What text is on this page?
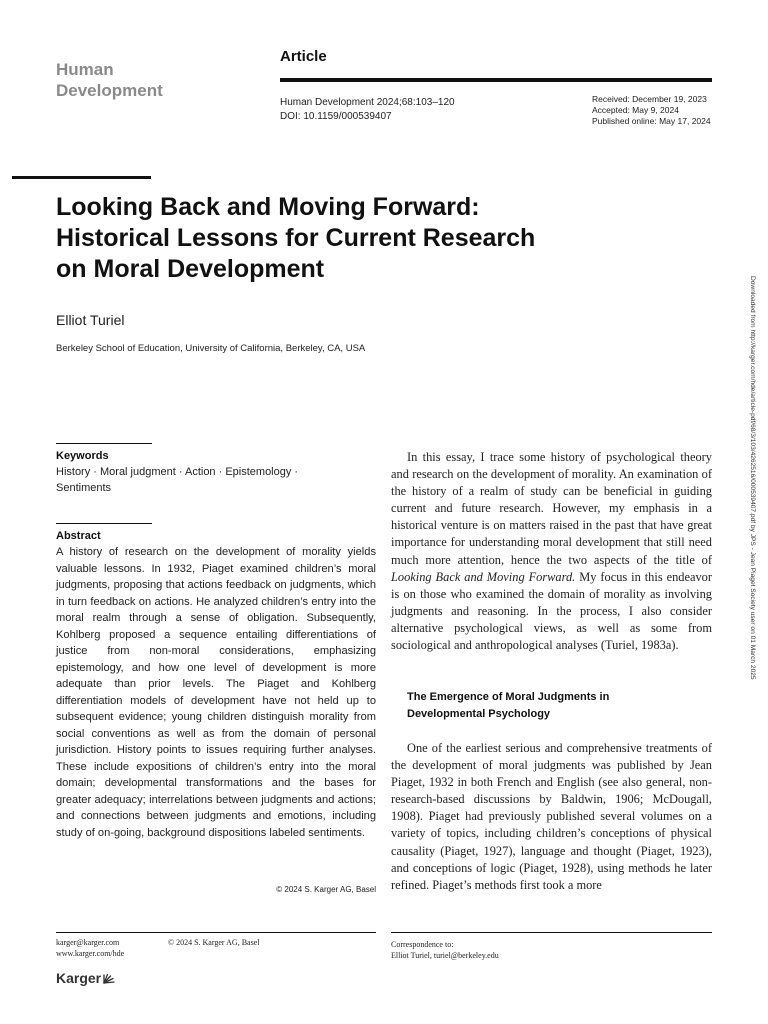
Human
Development
Article
Human Development 2024;68:103–120
DOI: 10.1159/000539407
Received: December 19, 2023
Accepted: May 9, 2024
Published online: May 17, 2024
Looking Back and Moving Forward:
Historical Lessons for Current Research
on Moral Development
Elliot Turiel
Berkeley School of Education, University of California, Berkeley, CA, USA	Downloaded from http://karger.com/hde/article-pdf/68/3/103/4262516/000539407.pdf by JPS - Jean Piaget Society user on 01 March 2025
Keywords
History · Moral judgment · Action · Epistemology · Sentiments
Abstract

A history of research on the development of morality yields valuable lessons. In 1932, Piaget examined children’s moral judgments, proposing that actions feedback on judgments, which in turn feedback on actions. He analyzed children’s entry into the moral realm through a sense of obligation. Subsequently, Kohlberg proposed a sequence entailing differentiations of justice from non-moral considerations, emphasizing epistemology, and how one level of development is more adequate than prior levels. The Piaget and Kohlberg differentiation models of development have not held up to subsequent evidence; young children distinguish morality from social conventions as well as from the domain of personal jurisdiction. History points to issues requiring further analyses. These include expositions of children’s entry into the moral domain; developmental transformations and the bases for greater adequacy; interrelations between judgments and actions; and connections between judgments and emotions, including study of on-going, background dispositions labeled sentiments.

© 2024 S. Karger AG, Basel

In this essay, I trace some history of psychological theory and research on the development of morality. An examination of the history of a realm of study can be beneficial in guiding current and future research. However, my emphasis in a historical venture is on matters raised in the past that have great importance for understanding moral development that still need much more attention, hence the two aspects of the title of Looking Back and Moving Forward. My focus in this endeavor is on those who examined the domain of morality as involving judgments and reasoning. In the process, I also consider alternative psychological views, as well as some from sociological and anthropological analyses (Turiel, 1983a).

The Emergence of Moral Judgments in
Developmental Psychology

One of the earliest serious and comprehensive treatments of the development of moral judgments was published by Jean Piaget, 1932 in both French and English (see also general, non-research-based discussions by Baldwin, 1906; McDougall, 1908). Piaget had previously published several volumes on a variety of topics, including children’s conceptions of physical causality (Piaget, 1927), language and thought (Piaget, 1923), and conceptions of logic (Piaget, 1928), using methods he later refined. Piaget’s methods first took a more

karger@karger.com
www.karger.com/hde
© 2024 S. Karger AG, Basel	Correspondence to:
Elliot Turiel, turiel@berkeley.edu
Karger
